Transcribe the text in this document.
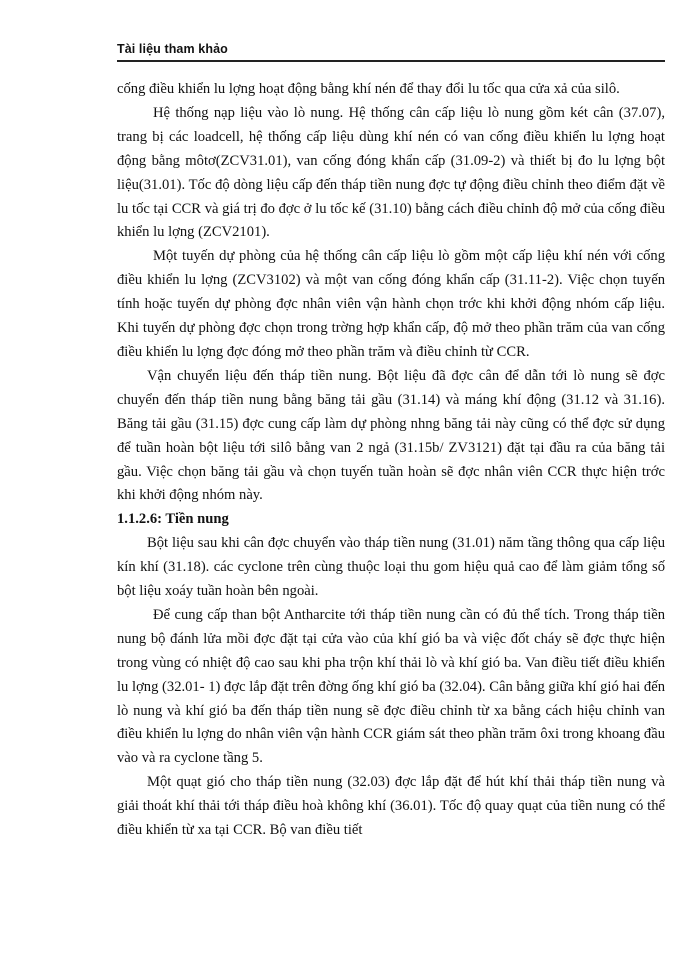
Tài liệu tham khảo

cống điều khiển lu lợng hoạt động bằng khí nén để thay đổi lu tốc qua cửa xả của silô.

Hệ thống nạp liệu vào lò nung. Hệ thống cân cấp liệu lò nung gồm két cân (37.07), trang bị các loadcell, hệ thống cấp liệu dùng khí nén có van cống điều khiển lu lợng hoạt động bằng môtơ(ZCV31.01), van cống đóng khẩn cấp (31.09-2) và thiết bị đo lu lợng bột liệu(31.01). Tốc độ dòng liệu cấp đến tháp tiền nung đợc tự động điều chỉnh theo điểm đặt về lu tốc tại CCR và giá trị đo đợc ở lu tốc kế (31.10) bằng cách điều chỉnh độ mở của cống điều khiển lu lợng (ZCV2101).

Một tuyến dự phòng của hệ thống cân cấp liệu lò gồm một cấp liệu khí nén với cống điều khiển lu lợng (ZCV3102) và một van cống đóng khẩn cấp (31.11-2). Việc chọn tuyến tính hoặc tuyến dự phòng đợc nhân viên vận hành chọn trớc khi khởi động nhóm cấp liệu. Khi tuyến dự phòng đợc chọn trong trờng hợp khẩn cấp, độ mở theo phần trăm của van cống điều khiển lu lợng đợc đóng mở theo phần trăm và điều chỉnh từ CCR.

Vận chuyển liệu đến tháp tiền nung. Bột liệu đã đợc cân để dẫn tới lò nung sẽ đợc chuyển đến tháp tiền nung bằng băng tải gầu (31.14) và máng khí động (31.12 và 31.16). Băng tải gầu (31.15) đợc cung cấp làm dự phòng nhng băng tải này cũng có thể đợc sử dụng để tuần hoàn bột liệu tới silô bằng van 2 ngả (31.15b/ ZV3121) đặt tại đầu ra của băng tải gầu. Việc chọn băng tải gầu và chọn tuyến tuần hoàn sẽ đợc nhân viên CCR thực hiện trớc khi khởi động nhóm này.

1.1.2.6: Tiền nung

Bột liệu sau khi cân đợc chuyển vào tháp tiền nung (31.01) năm tầng thông qua cấp liệu kín khí (31.18). các cyclone trên cùng thuộc loại thu gom hiệu quả cao để làm giảm tổng số bột liệu xoáy tuần hoàn bên ngoài.

Để cung cấp than bột Antharcite tới tháp tiền nung cần có đủ thể tích. Trong tháp tiền nung bộ đánh lửa mồi đợc đặt tại cửa vào của khí gió ba và việc đốt cháy sẽ đợc thực hiện trong vùng có nhiệt độ cao sau khi pha trộn khí thải lò và khí gió ba. Van điều tiết điều khiển lu lợng (32.01- 1) đợc lắp đặt trên đờng ống khí gió ba (32.04). Cân bằng giữa khí gió hai đến lò nung và khí gió ba đến tháp tiền nung sẽ đợc điều chỉnh từ xa bằng cách hiệu chỉnh van điều khiển lu lợng do nhân viên vận hành CCR giám sát theo phần trăm ôxi trong khoang đầu vào và ra cyclone tầng 5.

Một quạt gió cho tháp tiền nung (32.03) đợc lắp đặt để hút khí thải tháp tiền nung và giải thoát khí thải tới tháp điều hoà không khí (36.01). Tốc độ quay quạt của tiền nung có thể điều khiển từ xa tại CCR. Bộ van điều tiết
